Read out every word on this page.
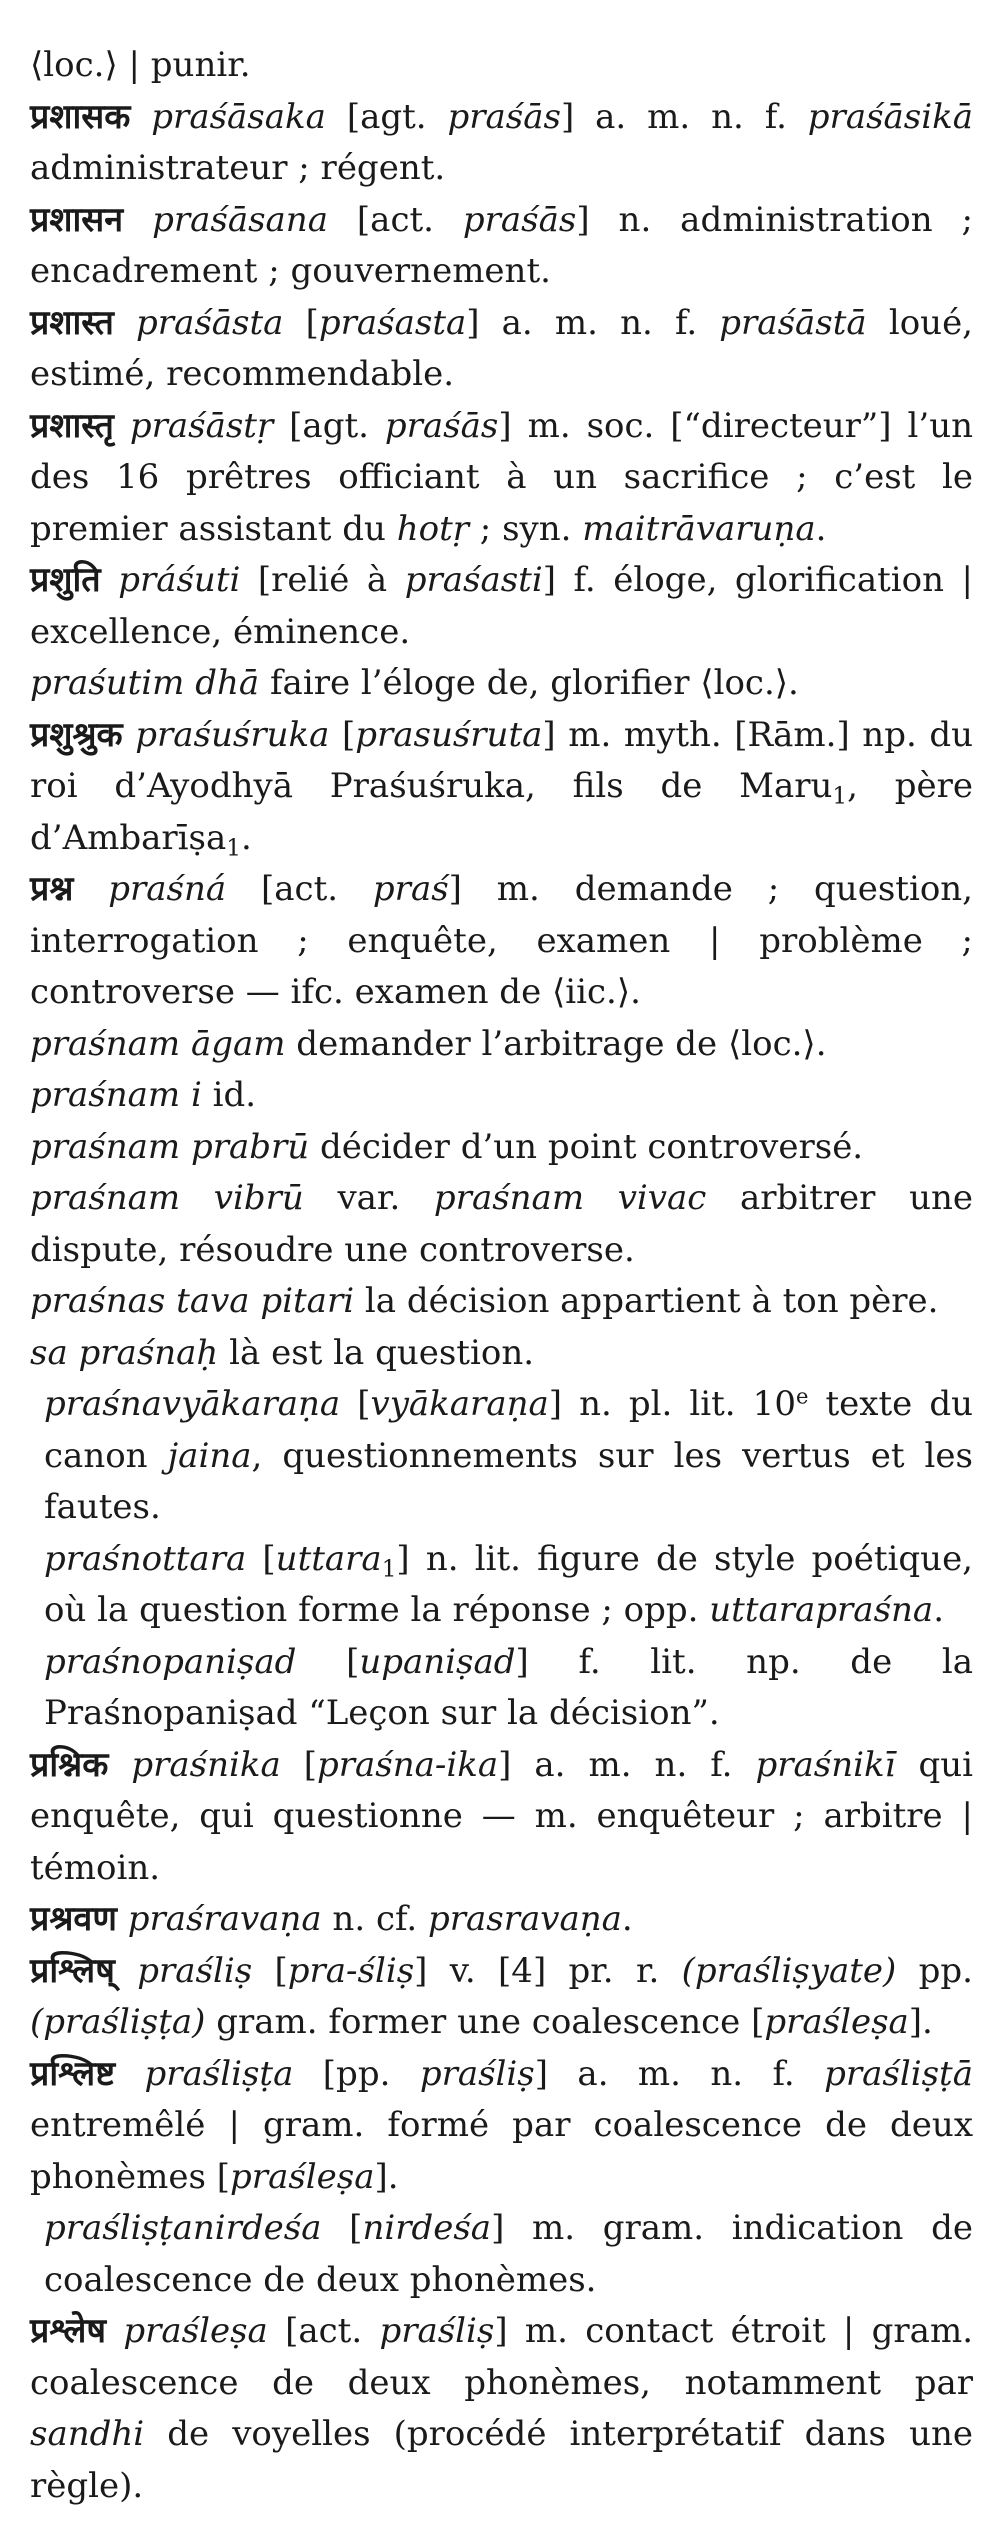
⟨loc.⟩ | punir.

प्रशासक praśāsaka [agt. praśās] a. m. n. f. praśāsikā administrateur ; régent.

प्रशासन praśāsana [act. praśās] n. administration ; encadrement ; gouvernement.

प्रशास्त praśāsta [praśasta] a. m. n. f. praśāstā loué, estimé, recommendable.

प्रशास्तृ praśāstṛ [agt. praśās] m. soc. [“directeur”] l’un des 16 prêtres officiant à un sacrifice ; c’est le premier assistant du hotṛ ; syn. maitrāvaruṇa.

प्रशुति práśuti [relié à praśasti] f. éloge, glorification | excellence, éminence.

praśutim dhā faire l’éloge de, glorifier ⟨loc.⟩.

प्रशुश्रुक praśuśruka [prasuśruta] m. myth. [Rām.] np. du roi d’Ayodhyā Praśuśruka, fils de Maru1, père d’Ambarīṣa1.

प्रश्न praśná [act. praś] m. demande ; question, interrogation ; enquête, examen | problème ; controverse — ifc. examen de ⟨iic.⟩.

praśnam āgam demander l’arbitrage de ⟨loc.⟩.

praśnam i id.

praśnam prabrū décider d’un point controversé.

praśnam vibrū var. praśnam vivac arbitrer une dispute, résoudre une controverse.

praśnas tava pitari la décision appartient à ton père.

sa praśnaḥ là est la question.

praśnavyākaraṇa [vyākaraṇa] n. pl. lit. 10e texte du canon jaina, questionnements sur les vertus et les fautes.

praśnottara [uttara1] n. lit. figure de style poétique, où la question forme la réponse ; opp. uttarapraśna.

praśnopaniṣad [upaniṣad] f. lit. np. de la Praśnopaniṣad “Leçon sur la décision”.

प्रश्निक praśnika [praśna-ika] a. m. n. f. praśnikī qui enquête, qui questionne — m. enquêteur ; arbitre | témoin.

प्रश्रवण praśravaṇa n. cf. prasravaṇa.

प्रश्लिष् praśliṣ [pra-śliṣ] v. [4] pr. r. (praśliṣyate) pp. (praśliṣṭa) gram. former une coalescence [praśleṣa].

प्रश्लिष्ट praśliṣṭa [pp. praśliṣ] a. m. n. f. praśliṣṭā entremêlé | gram. formé par coalescence de deux phonèmes [praśleṣa].

praśliṣṭanirdeśa [nirdeśa] m. gram. indication de coalescence de deux phonèmes.

प्रश्लेष praśleṣa [act. praśliṣ] m. contact étroit | gram. coalescence de deux phonèmes, notamment par sandhi de voyelles (procédé interprétatif dans une règle).
